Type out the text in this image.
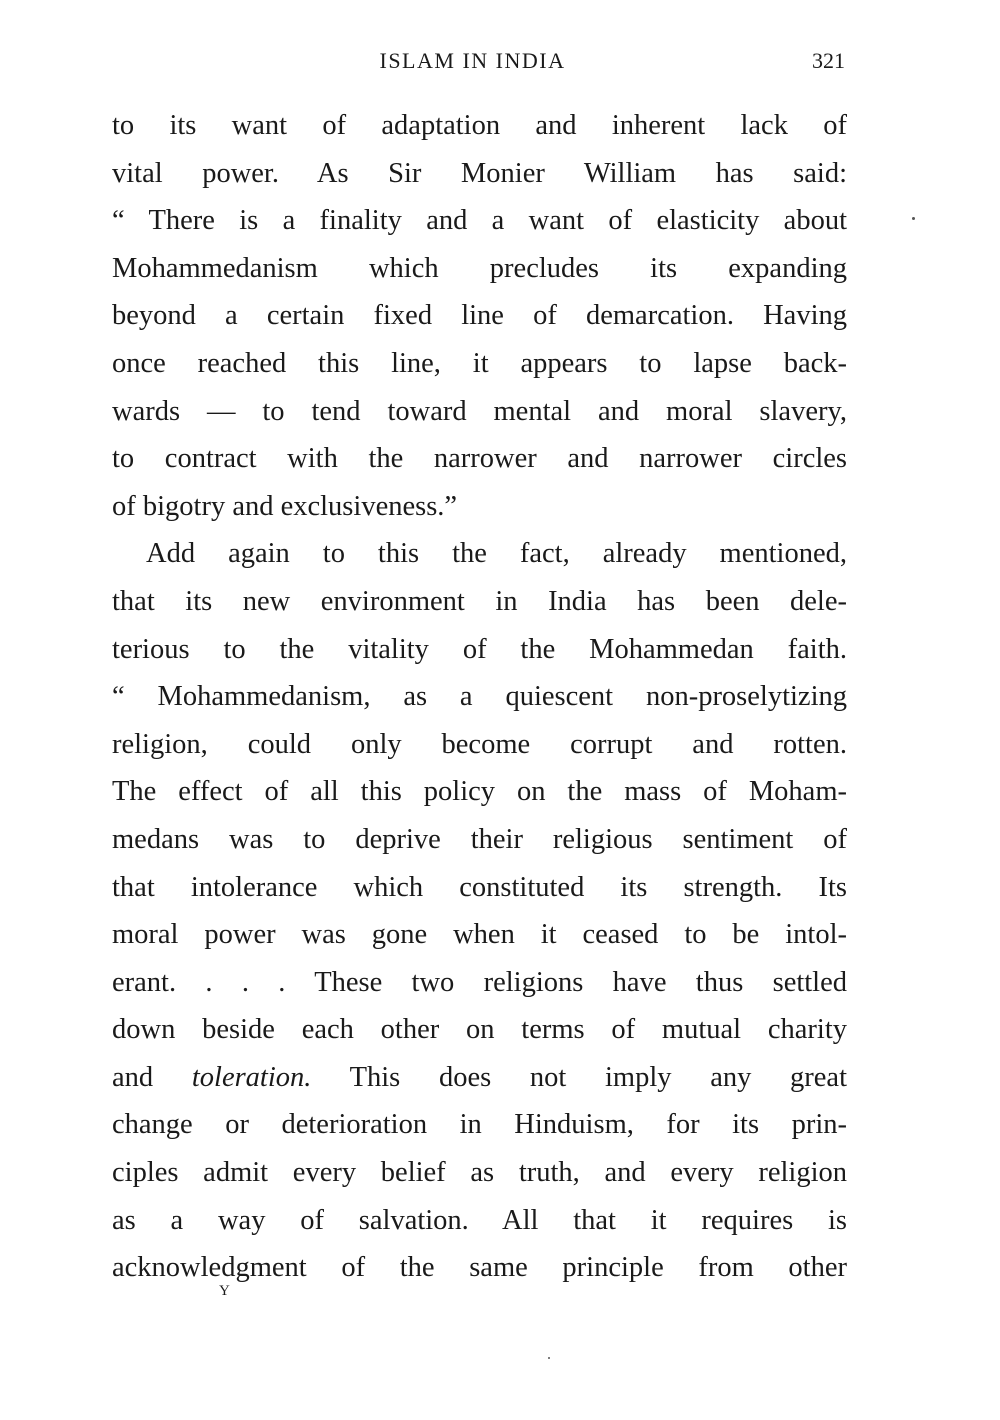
ISLAM IN INDIA	321
to its want of adaptation and inherent lack of
vital power. As Sir Monier William has said:
“ There is a finality and a want of elasticity about
Mohammedanism which precludes its expanding
beyond a certain fixed line of demarcation. Having
once reached this line, it appears to lapse back-
wards — to tend toward mental and moral slavery,
to contract with the narrower and narrower circles
of bigotry and exclusiveness.”
Add again to this the fact, already mentioned,
that its new environment in India has been dele-
terious to the vitality of the Mohammedan faith.
“ Mohammedanism, as a quiescent non-proselytizing
religion, could only become corrupt and rotten.
The effect of all this policy on the mass of Moham-
medans was to deprive their religious sentiment of
that intolerance which constituted its strength. Its
moral power was gone when it ceased to be intol-
erant. . . . These two religions have thus settled
down beside each other on terms of mutual charity
and toleration. This does not imply any great
change or deterioration in Hinduism, for its prin-
ciples admit every belief as truth, and every religion
as a way of salvation. All that it requires is
acknowledgment of the same principle from other
Y
